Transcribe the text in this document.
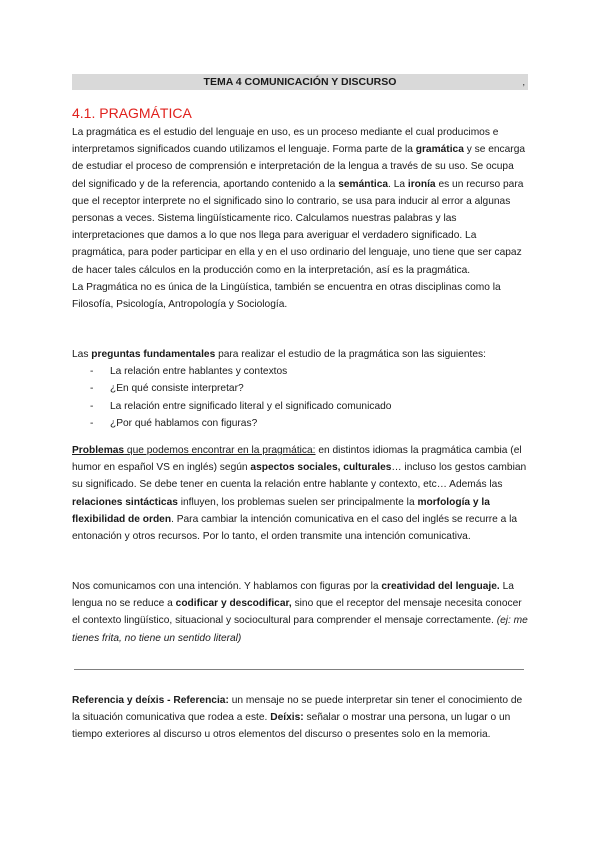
TEMA 4 COMUNICACIÓN Y DISCURSO	,
4.1. PRAGMÁTICA

La pragmática es el estudio del lenguaje en uso, es un proceso mediante el cual producimos e interpretamos significados cuando utilizamos el lenguaje. Forma parte de la gramática y se encarga de estudiar el proceso de comprensión e interpretación de la lengua a través de su uso. Se ocupa del significado y de la referencia, aportando contenido a la semántica. La ironía es un recurso para que el receptor interprete no el significado sino lo contrario, se usa para inducir al error a algunas personas a veces. Sistema lingüísticamente rico. Calculamos nuestras palabras y las interpretaciones que damos a lo que nos llega para averiguar el verdadero significado. La pragmática, para poder participar en ella y en el uso ordinario del lenguaje, uno tiene que ser capaz de hacer tales cálculos en la producción como en la interpretación, así es la pragmática.

La Pragmática no es única de la Lingüística, también se encuentra en otras disciplinas como la Filosofía, Psicología, Antropología y Sociología.

Las preguntas fundamentales para realizar el estudio de la pragmática son las siguientes:

- La relación entre hablantes y contextos
- ¿En qué consiste interpretar?
- La relación entre significado literal y el significado comunicado
- ¿Por qué hablamos con figuras?

Problemas que podemos encontrar en la pragmática: en distintos idiomas la pragmática cambia (el humor en español VS en inglés) según aspectos sociales, culturales… incluso los gestos cambian su significado. Se debe tener en cuenta la relación entre hablante y contexto, etc… Además las relaciones sintácticas influyen, los problemas suelen ser principalmente la morfología y la flexibilidad de orden. Para cambiar la intención comunicativa en el caso del inglés se recurre a la entonación y otros recursos. Por lo tanto, el orden transmite una intención comunicativa.

Nos comunicamos con una intención. Y hablamos con figuras por la creatividad del lenguaje. La lengua no se reduce a codificar y descodificar, sino que el receptor del mensaje necesita conocer el contexto lingüístico, situacional y sociocultural para comprender el mensaje correctamente. (ej: me tienes frita, no tiene un sentido literal)

Referencia y deíxis - Referencia: un mensaje no se puede interpretar sin tener el conocimiento de la situación comunicativa que rodea a este. Deíxis: señalar o mostrar una persona, un lugar o un tiempo exteriores al discurso u otros elementos del discurso o presentes solo en la memoria.
